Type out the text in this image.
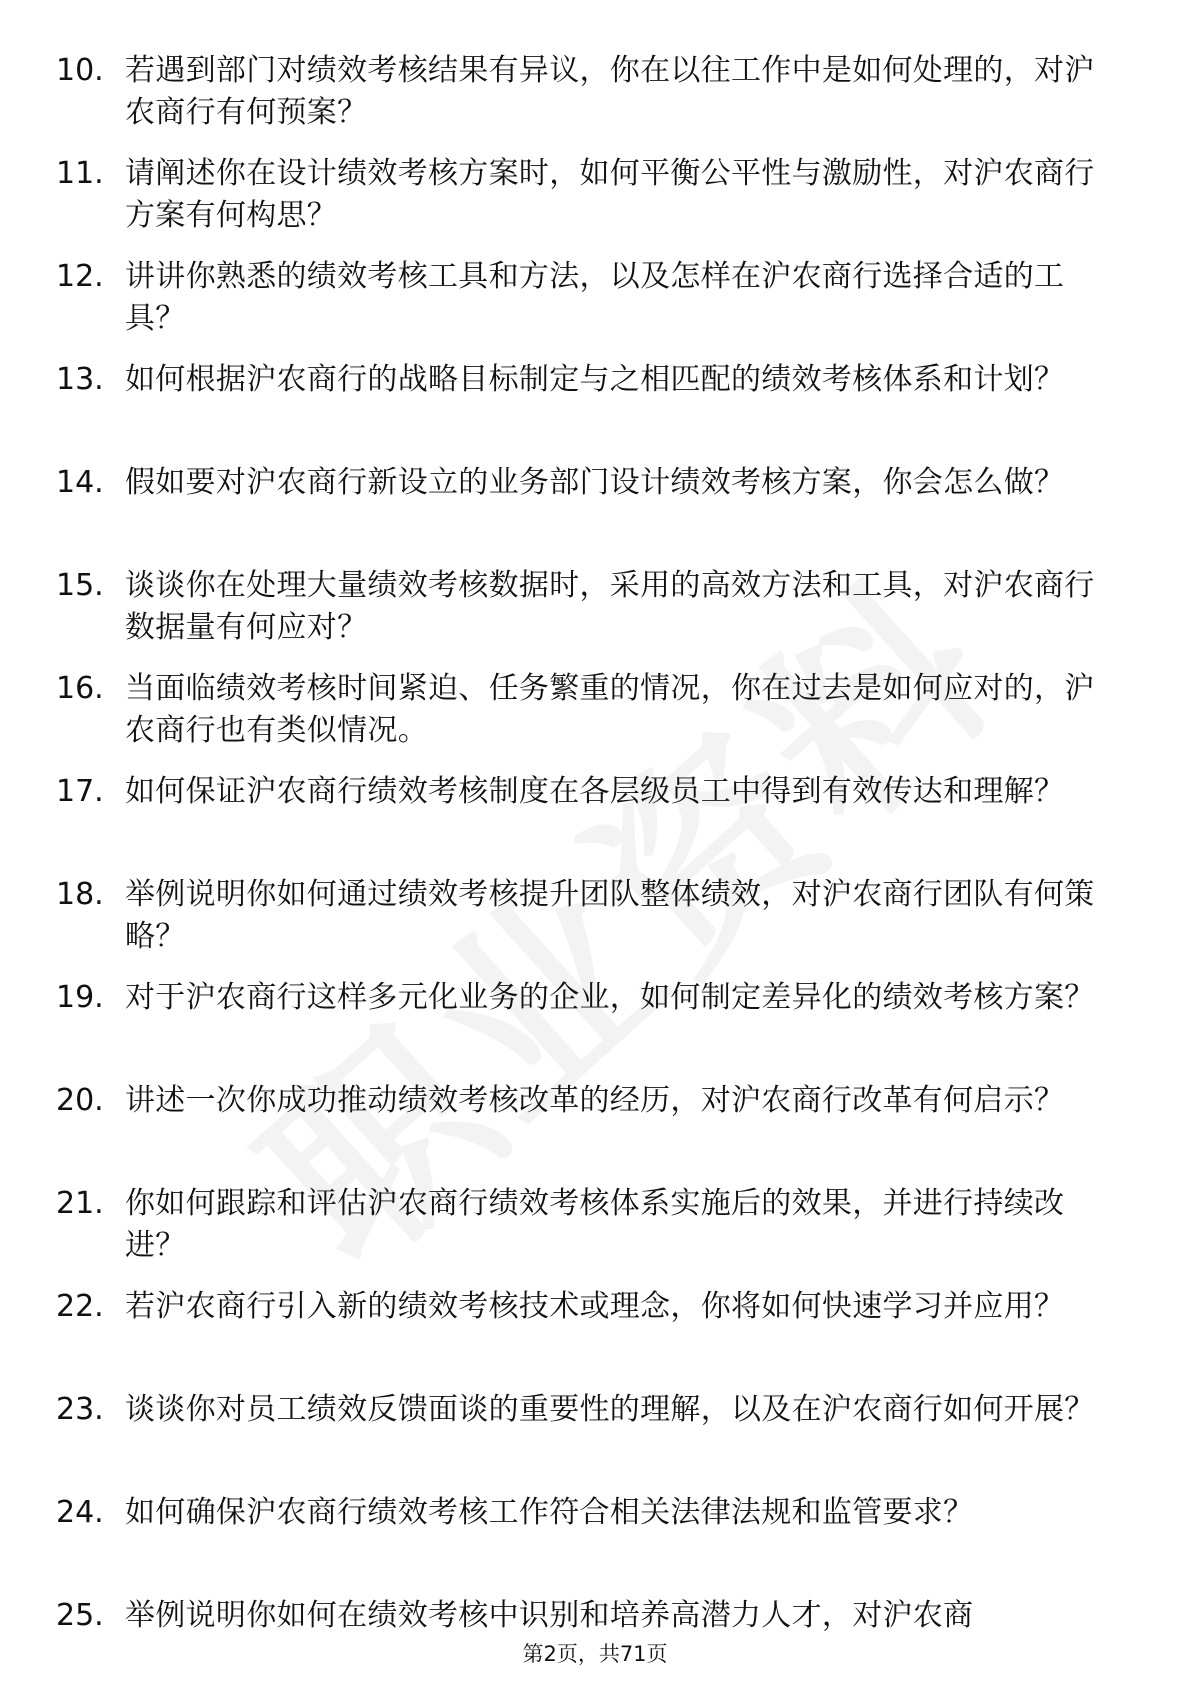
10. 若遇到部门对绩效考核结果有异议，你在以往工作中是如何处理的，对沪农商行有何预案？
11. 请阐述你在设计绩效考核方案时，如何平衡公平性与激励性，对沪农商行方案有何构思？
12. 讲讲你熟悉的绩效考核工具和方法，以及怎样在沪农商行选择合适的工具？
13. 如何根据沪农商行的战略目标制定与之相匹配的绩效考核体系和计划？
14. 假如要对沪农商行新设立的业务部门设计绩效考核方案，你会怎么做？
15. 谈谈你在处理大量绩效考核数据时，采用的高效方法和工具，对沪农商行数据量有何应对？
16. 当面临绩效考核时间紧迫、任务繁重的情况，你在过去是如何应对的，沪农商行也有类似情况。
17. 如何保证沪农商行绩效考核制度在各层级员工中得到有效传达和理解？
18. 举例说明你如何通过绩效考核提升团队整体绩效，对沪农商行团队有何策略？
19. 对于沪农商行这样多元化业务的企业，如何制定差异化的绩效考核方案？
20. 讲述一次你成功推动绩效考核改革的经历，对沪农商行改革有何启示？
21. 你如何跟踪和评估沪农商行绩效考核体系实施后的效果，并进行持续改进？
22. 若沪农商行引入新的绩效考核技术或理念，你将如何快速学习并应用？
23. 谈谈你对员工绩效反馈面谈的重要性的理解，以及在沪农商行如何开展？
24. 如何确保沪农商行绩效考核工作符合相关法律法规和监管要求？
25. 举例说明你如何在绩效考核中识别和培养高潜力人才，对沪农商
第2页，共71页
